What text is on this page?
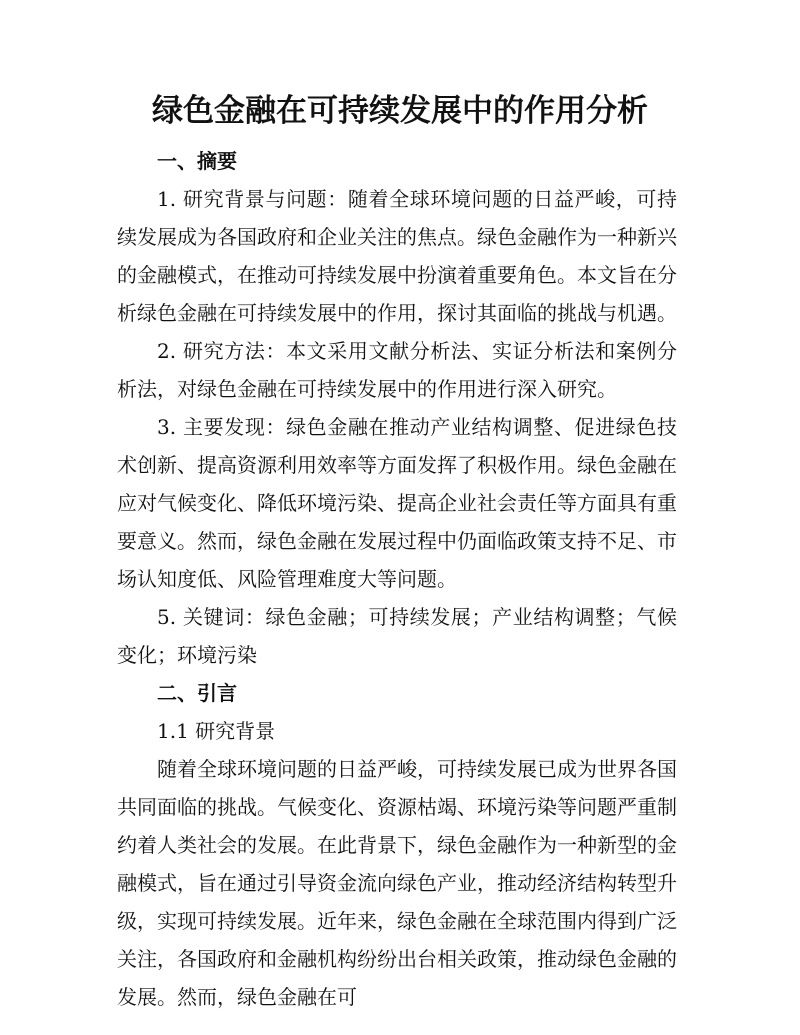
绿色金融在可持续发展中的作用分析
一、摘要

1. 研究背景与问题：随着全球环境问题的日益严峻，可持续发展成为各国政府和企业关注的焦点。绿色金融作为一种新兴的金融模式，在推动可持续发展中扮演着重要角色。本文旨在分析绿色金融在可持续发展中的作用，探讨其面临的挑战与机遇。

2. 研究方法：本文采用文献分析法、实证分析法和案例分析法，对绿色金融在可持续发展中的作用进行深入研究。

3. 主要发现：绿色金融在推动产业结构调整、促进绿色技术创新、提高资源利用效率等方面发挥了积极作用。绿色金融在应对气候变化、降低环境污染、提高企业社会责任等方面具有重要意义。然而，绿色金融在发展过程中仍面临政策支持不足、市场认知度低、风险管理难度大等问题。

5. 关键词：绿色金融；可持续发展；产业结构调整；气候变化；环境污染

二、引言

1.1 研究背景

随着全球环境问题的日益严峻，可持续发展已成为世界各国共同面临的挑战。气候变化、资源枯竭、环境污染等问题严重制约着人类社会的发展。在此背景下，绿色金融作为一种新型的金融模式，旨在通过引导资金流向绿色产业，推动经济结构转型升级，实现可持续发展。近年来，绿色金融在全球范围内得到广泛关注，各国政府和金融机构纷纷出台相关政策，推动绿色金融的发展。然而，绿色金融在可
